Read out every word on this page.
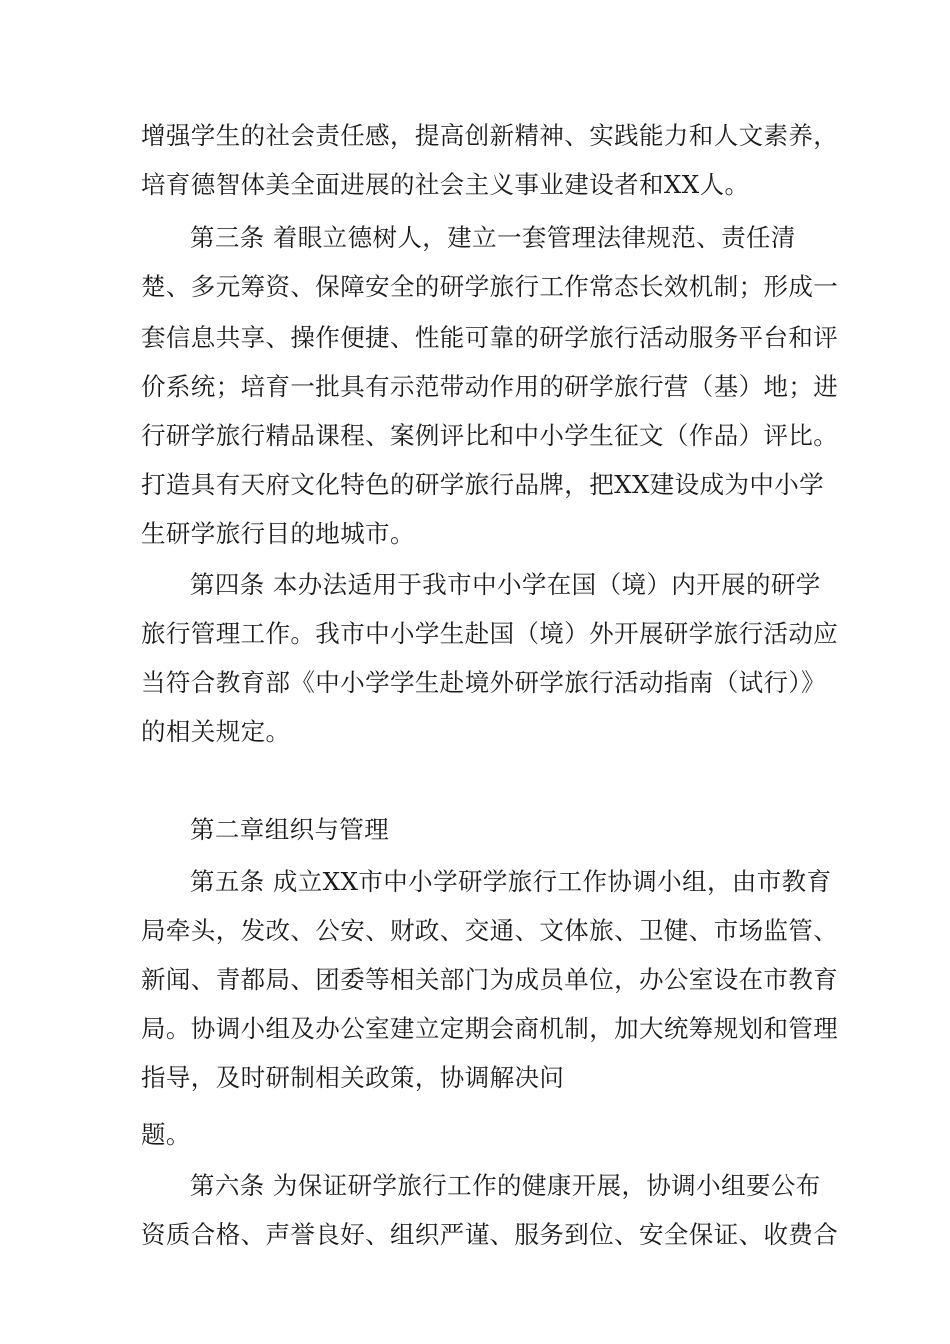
增强学生的社会责任感，提高创新精神、实践能力和人文素养，
培育德智体美全面进展的社会主义事业建设者和XX人。
第三条 着眼立德树人，建立一套管理法律规范、责任清
楚、多元筹资、保障安全的研学旅行工作常态长效机制；形成一
套信息共享、操作便捷、性能可靠的研学旅行活动服务平台和评
价系统；培育一批具有示范带动作用的研学旅行营（基）地；进
行研学旅行精品课程、案例评比和中小学生征文（作品）评比。
打造具有天府文化特色的研学旅行品牌，把XX建设成为中小学
生研学旅行目的地城市。
第四条 本办法适用于我市中小学在国（境）内开展的研学
旅行管理工作。我市中小学生赴国（境）外开展研学旅行活动应
当符合教育部《中小学学生赴境外研学旅行活动指南（试行）》
的相关规定。
第二章组织与管理
第五条 成立XX市中小学研学旅行工作协调小组，由市教育
局牵头，发改、公安、财政、交通、文体旅、卫健、市场监管、
新闻、青都局、团委等相关部门为成员单位，办公室设在市教育
局。协调小组及办公室建立定期会商机制，加大统筹规划和管理
指导，及时研制相关政策，协调解决问
题。
第六条 为保证研学旅行工作的健康开展，协调小组要公布
资质合格、声誉良好、组织严谨、服务到位、安全保证、收费合
